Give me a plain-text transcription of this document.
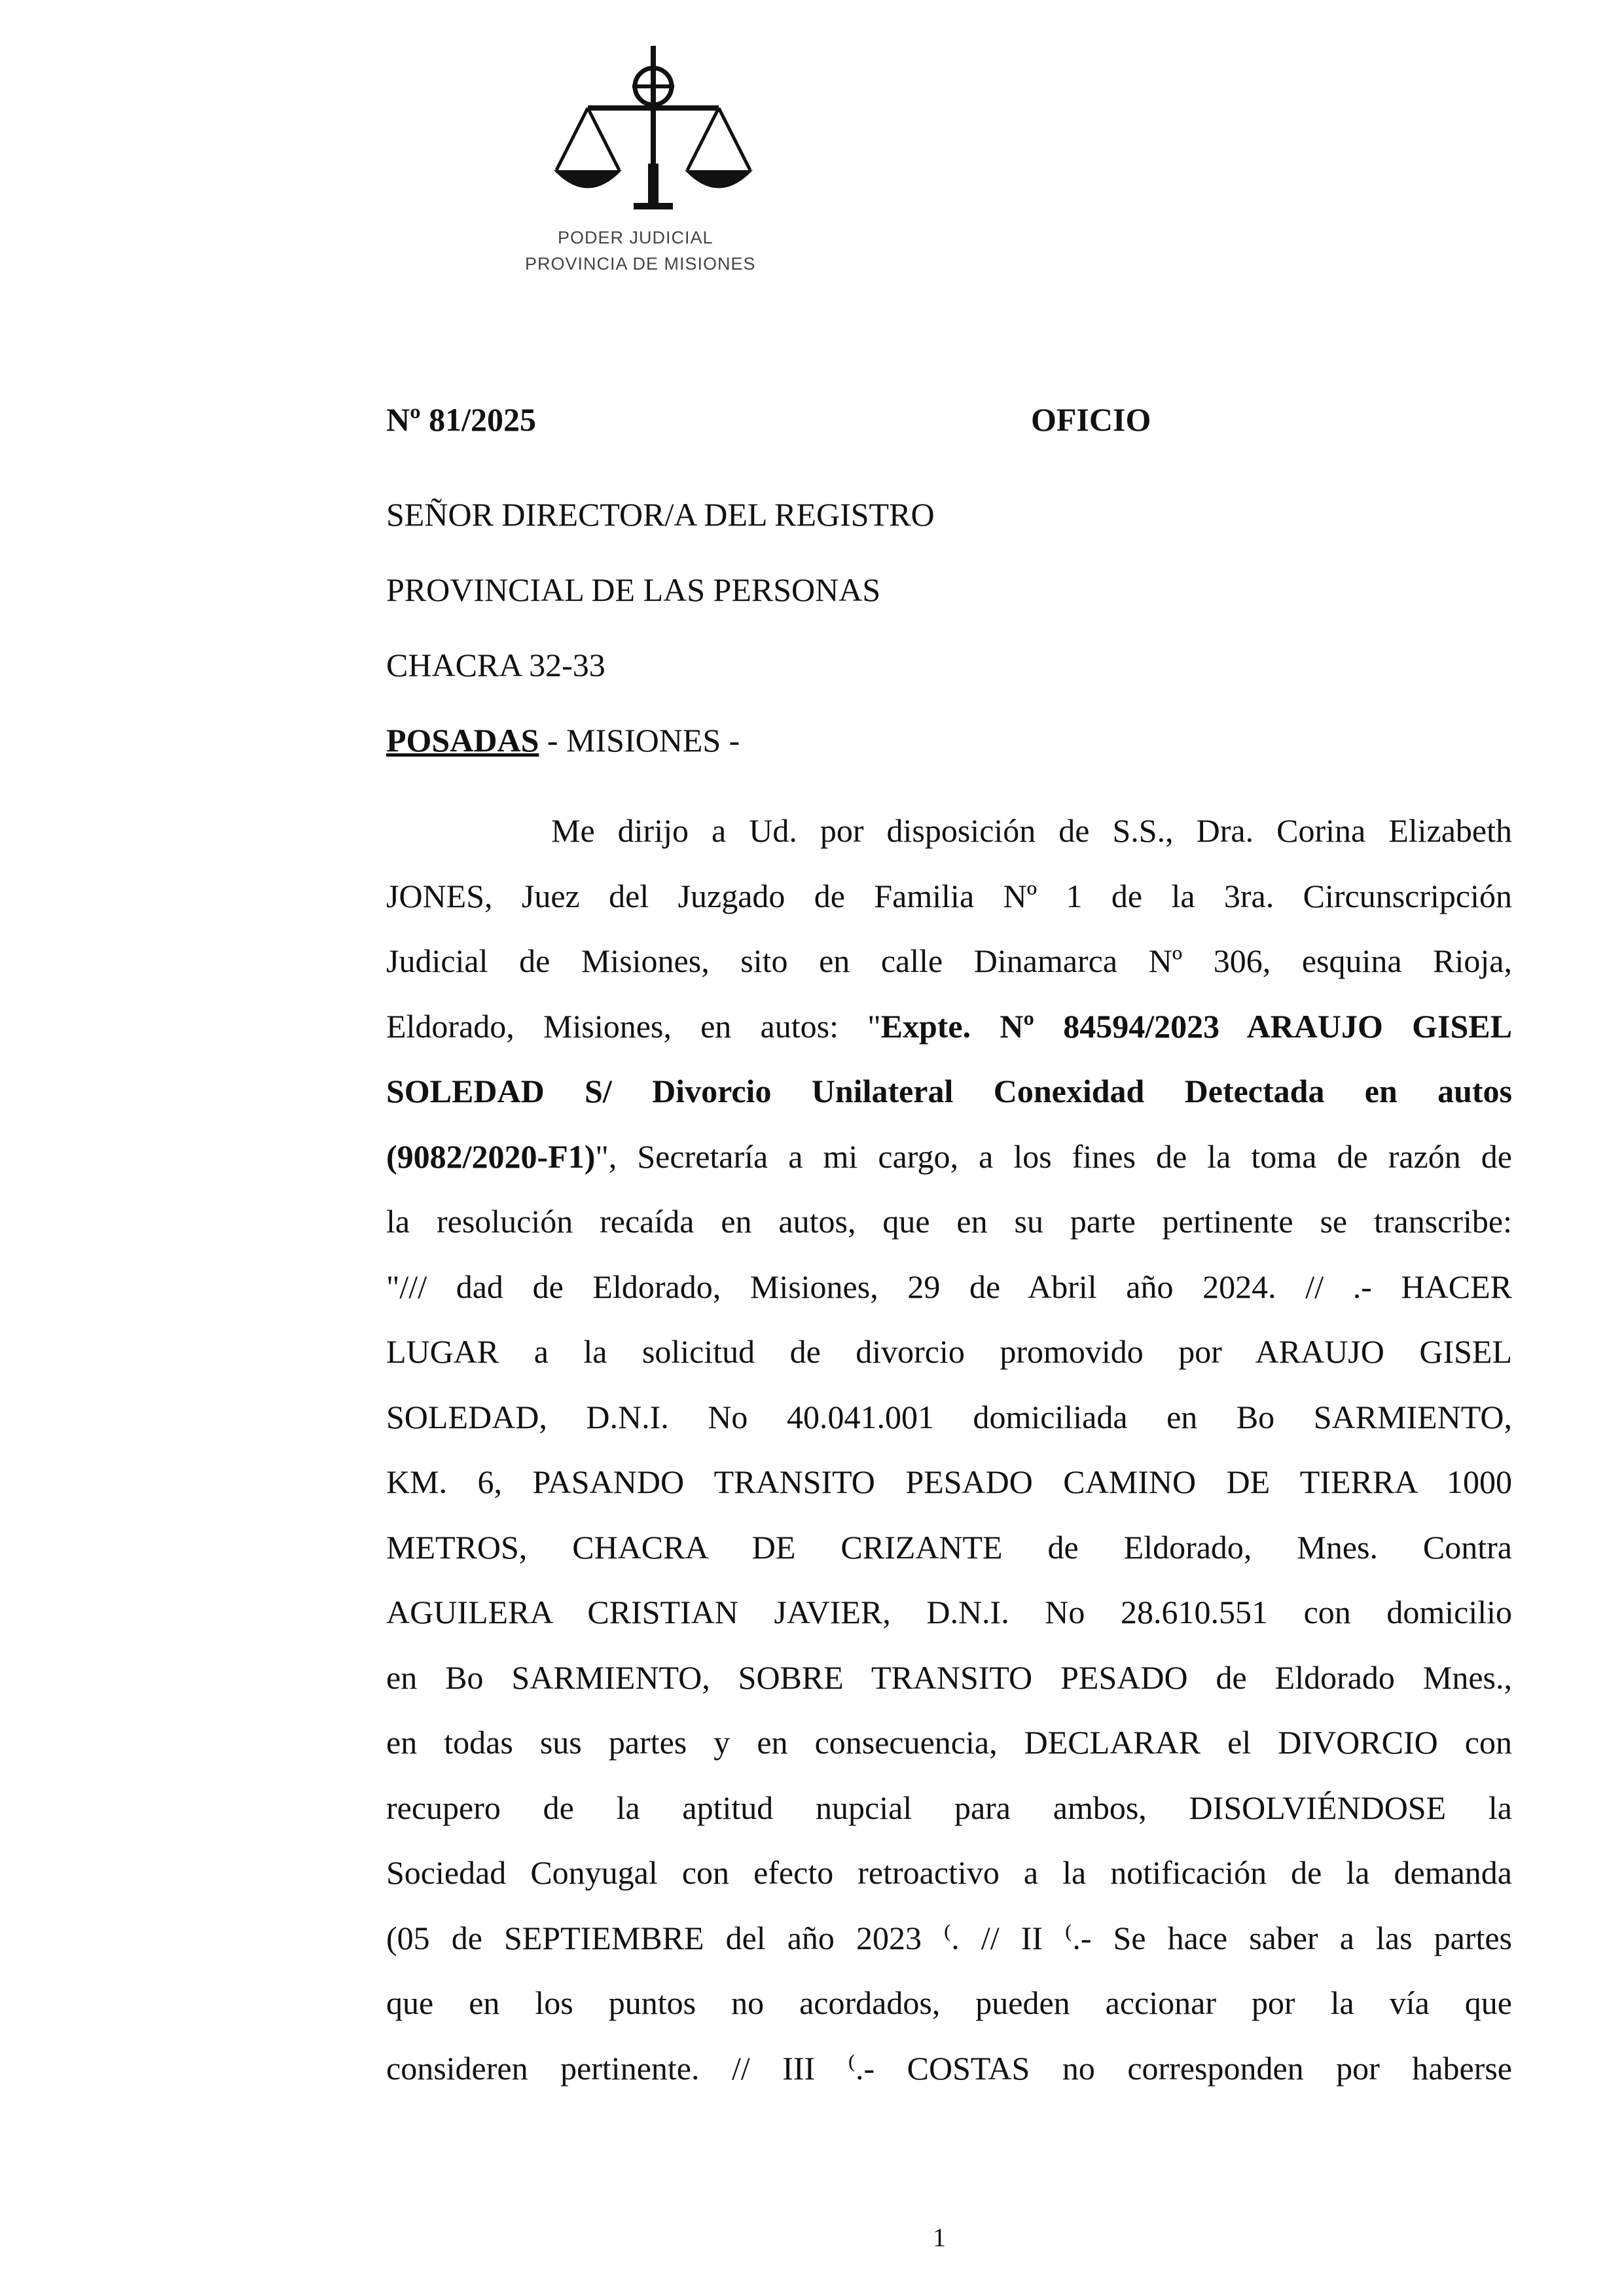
PODER JUDICIAL
PROVINCIA DE MISIONES
Nº 81/2025	OFICIO
SEÑOR DIRECTOR/A DEL REGISTRO
PROVINCIAL DE LAS PERSONAS
CHACRA 32-33
POSADAS - MISIONES -
Me dirijo a Ud. por disposición de S.S., Dra. Corina Elizabeth
JONES, Juez del Juzgado de Familia Nº 1 de la 3ra. Circunscripción
Judicial de Misiones, sito en calle Dinamarca Nº 306, esquina Rioja,
Eldorado, Misiones, en autos: "Expte. Nº 84594/2023 ARAUJO GISEL
SOLEDAD S/ Divorcio Unilateral Conexidad Detectada en autos
(9082/2020-F1)", Secretaría a mi cargo, a los fines de la toma de razón de
la resolución recaída en autos, que en su parte pertinente se transcribe:
"/// dad de Eldorado, Misiones, 29 de Abril año 2024. // .- HACER
LUGAR a la solicitud de divorcio promovido por ARAUJO GISEL
SOLEDAD, D.N.I. No 40.041.001 domiciliada en Bo SARMIENTO,
KM. 6, PASANDO TRANSITO PESADO CAMINO DE TIERRA 1000
METROS, CHACRA DE CRIZANTE de Eldorado, Mnes. Contra
AGUILERA CRISTIAN JAVIER, D.N.I. No 28.610.551 con domicilio
en Bo SARMIENTO, SOBRE TRANSITO PESADO de Eldorado Mnes.,
en todas sus partes y en consecuencia, DECLARAR el DIVORCIO con
recupero de la aptitud nupcial para ambos, DISOLVIÉNDOSE la
Sociedad Conyugal con efecto retroactivo a la notificación de la demanda
(05 de SEPTIEMBRE del año 2023 ⁽. // II ⁽.- Se hace saber a las partes
que en los puntos no acordados, pueden accionar por la vía que
consideren pertinente. // III ⁽.- COSTAS no corresponden por haberse
1
